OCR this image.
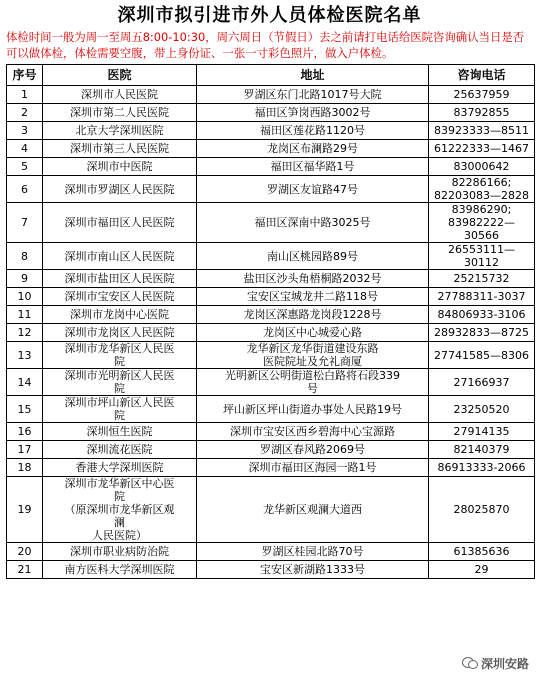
深圳市拟引进市外人员体检医院名单
体检时间一般为周一至周五8:00-10:30，周六周日（节假日）去之前请打电话给医院咨询确认当日是否可以做体检，体检需要空腹，带上身份证、一张一寸彩色照片，做入户体检。
序号	医院	地址	咨询电话
1	深圳市人民医院	罗湖区东门北路1017号大院	25637959
2	深圳市第二人民医院	福田区笋岗西路3002号	83792855
3	北京大学深圳医院	福田区莲花路1120号	83923333—8511
4	深圳市第三人民医院	龙岗区布澜路29号	61222333—1467
5	深圳市中医院	福田区福华路1号	83000642
6	深圳市罗湖区人民医院	罗湖区友谊路47号	82286166;
82203083—2828
7	深圳市福田区人民医院	福田区深南中路3025号	83986290;
83982222—30566
8	深圳市南山区人民医院	南山区桃园路89号	26553111—30112
9	深圳市盐田区人民医院	盐田区沙头角梧桐路2032号	25215732
10	深圳市宝安区人民医院	宝安区宝城龙井二路118号	27788311-3037
11	深圳市龙岗中心医院	龙岗区深惠路龙岗段1228号	84806933-3106
12	深圳市龙岗区人民医院	龙岗区中心城爱心路	28932833—8725
13	深圳市龙华新区人民医
院	龙华新区龙华街道建设东路
医院院址及允礼商厦	27741585—8306
14	深圳市光明新区人民医
院	光明新区公明街道松白路将石段339
号	27166937
15	深圳市坪山新区人民医
院	坪山新区坪山街道办事处人民路19号	23250520
16	深圳恒生医院	深圳市宝安区西乡碧海中心宝源路	27914135
17	深圳流花医院	罗湖区春风路2069号	82140379
18	香港大学深圳医院	深圳市福田区海园一路1号	86913333-2066
19	深圳市龙华新区中心医
院
（原深圳市龙华新区观
澜
人民医院）	龙华新区观澜大道西	28025870
20	深圳市职业病防治院	罗湖区桂园北路70号	61385636
21	南方医科大学深圳医院	宝安区新湖路1333号	29
深圳安路
